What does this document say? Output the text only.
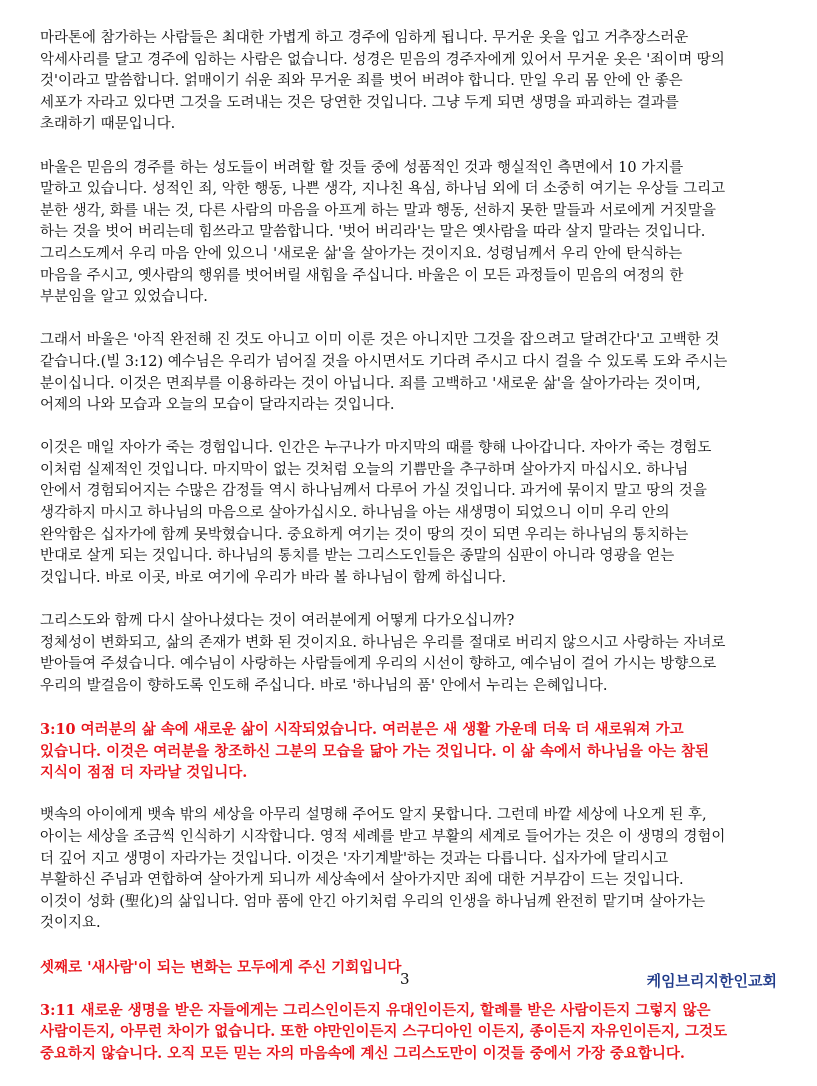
마라톤에 참가하는 사람들은 최대한 가볍게 하고 경주에 임하게 됩니다. 무거운 옷을 입고 거추장스러운
악세사리를 달고 경주에 임하는 사람은 없습니다. 성경은 믿음의 경주자에게 있어서 무거운 옷은 '죄이며 땅의
것'이라고 말씀합니다. 얽매이기 쉬운 죄와 무거운 죄를 벗어 버려야 합니다. 만일 우리 몸 안에 안 좋은
세포가 자라고 있다면 그것을 도려내는 것은 당연한 것입니다. 그냥 두게 되면 생명을 파괴하는 결과를
초래하기 때문입니다.
바울은 믿음의 경주를 하는 성도들이 버려할 할 것들 중에 성품적인 것과 행실적인 측면에서 10 가지를
말하고 있습니다. 성적인 죄, 악한 행동, 나쁜 생각, 지나친 욕심, 하나님 외에 더 소중히 여기는 우상들 그리고
분한 생각, 화를 내는 것, 다른 사람의 마음을 아프게 하는 말과 행동, 선하지 못한 말들과 서로에게 거짓말을
하는 것을 벗어 버리는데 힘쓰라고 말씀합니다. '벗어 버리라'는 말은 옛사람을 따라 살지 말라는 것입니다.
그리스도께서 우리 마음 안에 있으니 '새로운 삶'을 살아가는 것이지요. 성령님께서 우리 안에 탄식하는
마음을 주시고, 옛사람의 행위를 벗어버릴 새힘을 주십니다. 바울은 이 모든 과정들이 믿음의 여정의 한
부분임을 알고 있었습니다.
그래서 바울은 '아직 완전해 진 것도 아니고 이미 이룬 것은 아니지만 그것을 잡으려고 달려간다'고 고백한 것
같습니다.(빌 3:12) 예수님은 우리가 넘어질 것을 아시면서도 기다려 주시고 다시 걸을 수 있도록 도와 주시는
분이십니다. 이것은 면죄부를 이용하라는 것이 아닙니다. 죄를 고백하고 '새로운 삶'을 살아가라는 것이며,
어제의 나와 모습과 오늘의 모습이 달라지라는 것입니다.
이것은 매일 자아가 죽는 경험입니다. 인간은 누구나가 마지막의 때를 향해 나아갑니다. 자아가 죽는 경험도
이처럼 실제적인 것입니다. 마지막이 없는 것처럼 오늘의 기쁨만을 추구하며 살아가지 마십시오. 하나님
안에서 경험되어지는 수많은 감정들 역시 하나님께서 다루어 가실 것입니다. 과거에 묶이지 말고 땅의 것을
생각하지 마시고 하나님의 마음으로 살아가십시오. 하나님을 아는 새생명이 되었으니 이미 우리 안의
완악함은 십자가에 함께 못박혔습니다. 중요하게 여기는 것이 땅의 것이 되면 우리는 하나님의 통치하는
반대로 살게 되는 것입니다. 하나님의 통치를 받는 그리스도인들은 종말의 심판이 아니라 영광을 얻는
것입니다. 바로 이곳, 바로 여기에 우리가 바라 볼 하나님이 함께 하십니다.
그리스도와 함께 다시 살아나셨다는 것이 여러분에게 어떻게 다가오십니까?
정체성이 변화되고, 삶의 존재가 변화 된 것이지요. 하나님은 우리를 절대로 버리지 않으시고 사랑하는 자녀로
받아들여 주셨습니다. 예수님이 사랑하는 사람들에게 우리의 시선이 향하고, 예수님이 걸어 가시는 방향으로
우리의 발걸음이 향하도록 인도해 주십니다. 바로 '하나님의 품' 안에서 누리는 은혜입니다.
3:10 여러분의 삶 속에 새로운 삶이 시작되었습니다. 여러분은 새 생활 가운데 더욱 더 새로워져 가고
있습니다. 이것은 여러분을 창조하신 그분의 모습을 닮아 가는 것입니다. 이 삶 속에서 하나님을 아는 참된
지식이 점점 더 자라날 것입니다.
뱃속의 아이에게 뱃속 밖의 세상을 아무리 설명해 주어도 알지 못합니다. 그런데 바깥 세상에 나오게 된 후,
아이는 세상을 조금씩 인식하기 시작합니다. 영적 세례를 받고 부활의 세계로 들어가는 것은 이 생명의 경험이
더 깊어 지고 생명이 자라가는 것입니다. 이것은 '자기계발'하는 것과는 다릅니다. 십자가에 달리시고
부활하신 주님과 연합하여 살아가게 되니까 세상속에서 살아가지만 죄에 대한 거부감이 드는 것입니다.
이것이 성화 (聖化)의 삶입니다. 엄마 품에 안긴 아기처럼 우리의 인생을 하나님께 완전히 맡기며 살아가는
것이지요.
셋째로 '새사람'이 되는 변화는 모두에게 주신 기회입니다
3:11 새로운 생명을 받은 자들에게는 그리스인이든지 유대인이든지, 할례를 받은 사람이든지 그렇지 않은
사람이든지, 아무런 차이가 없습니다. 또한 야만인이든지 스구디아인 이든지, 종이든지 자유인이든지, 그것도
중요하지 않습니다. 오직 모든 믿는 자의 마음속에 계신 그리스도만이 이것들 중에서 가장 중요합니다.
3	케임브리지한인교회
